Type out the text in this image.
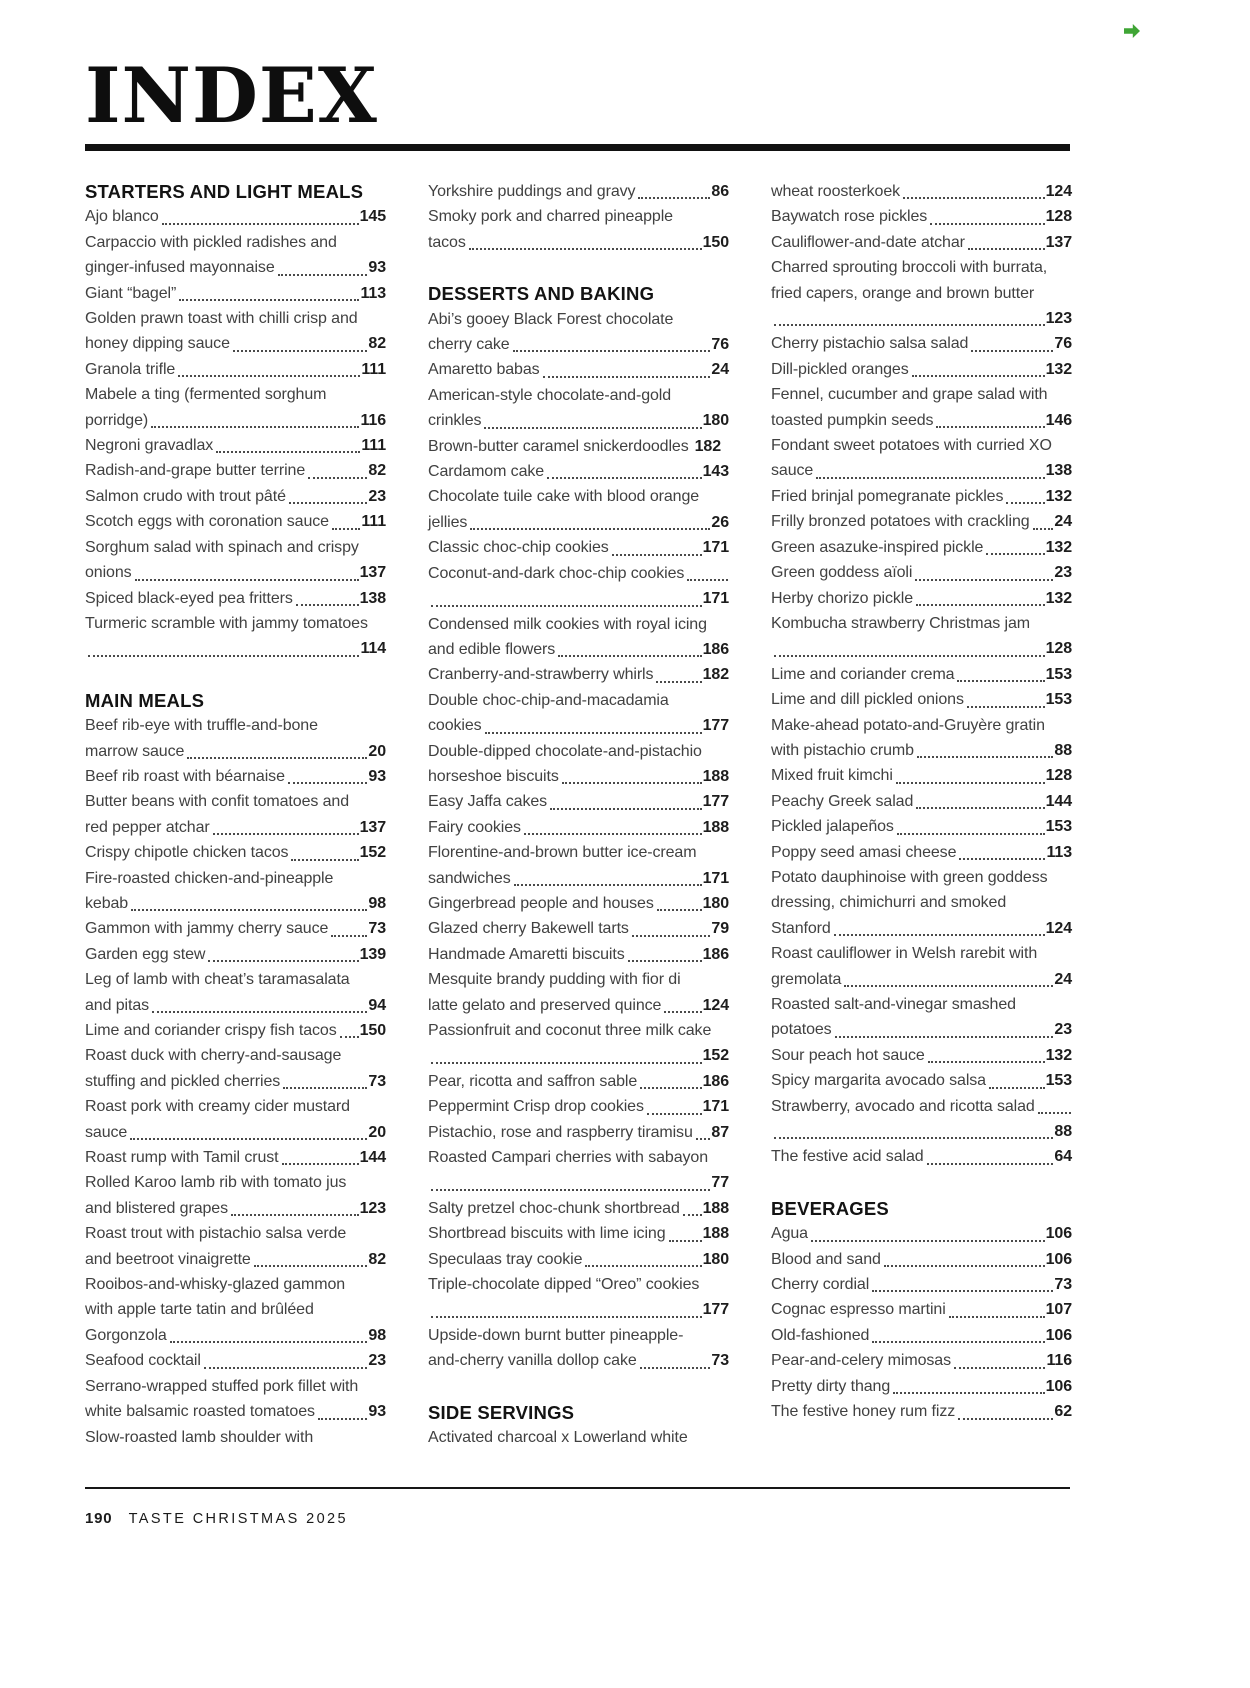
INDEX
STARTERS AND LIGHT MEALS
Ajo blanco	145
Carpaccio with pickled radishes and
ginger-infused mayonnaise	93
Giant “bagel”	113
Golden prawn toast with chilli crisp and
honey dipping sauce	82
Granola trifle	111
Mabele a ting (fermented sorghum
porridge)	116
Negroni gravadlax	111
Radish-and-grape butter terrine	82
Salmon crudo with trout pâté	23
Scotch eggs with coronation sauce 111
Sorghum salad with spinach and crispy
onions	137
Spiced black-eyed pea fritters	138
Turmeric scramble with jammy tomatoes
114
MAIN MEALS
Beef rib-eye with truffle-and-bone
marrow sauce	20
Beef rib roast with béarnaise	93
Butter beans with confit tomatoes and
red pepper atchar	137
Crispy chipotle chicken tacos	152
Fire-roasted chicken-and-pineapple
kebab	98
Gammon with jammy cherry sauce	73
Garden egg stew	139
Leg of lamb with cheat’s taramasalata
and pitas	94
Lime and coriander crispy fish tacos 150
Roast duck with cherry-and-sausage
stuffing and pickled cherries	73
Roast pork with creamy cider mustard
sauce	20
Roast rump with Tamil crust	144
Rolled Karoo lamb rib with tomato jus
and blistered grapes	123
Roast trout with pistachio salsa verde
and beetroot vinaigrette	82
Rooibos-and-whisky-glazed gammon
with apple tarte tatin and brûléed
Gorgonzola	98
Seafood cocktail	23
Serrano-wrapped stuffed pork fillet with
white balsamic roasted tomatoes	93
Slow-roasted lamb shoulder with
Yorkshire puddings and gravy	86
Smoky pork and charred pineapple
tacos	150
DESSERTS AND BAKING
Abi’s gooey Black Forest chocolate
cherry cake	76
Amaretto babas	24
American-style chocolate-and-gold
crinkles	180
Brown-butter caramel snickerdoodles 182
Cardamom cake	143
Chocolate tuile cake with blood orange
jellies	26
Classic choc-chip cookies	171
Coconut-and-dark choc-chip cookies
171
Condensed milk cookies with royal icing
and edible flowers	186
Cranberry-and-strawberry whirls	182
Double choc-chip-and-macadamia
cookies	177
Double-dipped chocolate-and-pistachio
horseshoe biscuits	188
Easy Jaffa cakes	177
Fairy cookies	188
Florentine-and-brown butter ice-cream
sandwiches	171
Gingerbread people and houses	180
Glazed cherry Bakewell tarts	79
Handmade Amaretti biscuits	186
Mesquite brandy pudding with fior di
latte gelato and preserved quince	124
Passionfruit and coconut three milk cake
152
Pear, ricotta and saffron sable	186
Peppermint Crisp drop cookies	171
Pistachio, rose and raspberry tiramisu 87
Roasted Campari cherries with sabayon
77
Salty pretzel choc-chunk shortbread 188
Shortbread biscuits with lime icing 188
Speculaas tray cookie	180
Triple-chocolate dipped “Oreo” cookies
177
Upside-down burnt butter pineapple-
and-cherry vanilla dollop cake	73
SIDE SERVINGS
Activated charcoal x Lowerland white
wheat roosterkoek	124
Baywatch rose pickles	128
Cauliflower-and-date atchar	137
Charred sprouting broccoli with burrata,
fried capers, orange and brown butter
123
Cherry pistachio salsa salad	76
Dill-pickled oranges	132
Fennel, cucumber and grape salad with
toasted pumpkin seeds	146
Fondant sweet potatoes with curried XO
sauce	138
Fried brinjal pomegranate pickles	132
Frilly bronzed potatoes with crackling 24
Green asazuke-inspired pickle	132
Green goddess aïoli	23
Herby chorizo pickle	132
Kombucha strawberry Christmas jam
128
Lime and coriander crema	153
Lime and dill pickled onions	153
Make-ahead potato-and-Gruyère gratin
with pistachio crumb	88
Mixed fruit kimchi	128
Peachy Greek salad	144
Pickled jalapeños	153
Poppy seed amasi cheese	113
Potato dauphinoise with green goddess
dressing, chimichurri and smoked
Stanford	124
Roast cauliflower in Welsh rarebit with
gremolata	24
Roasted salt-and-vinegar smashed
potatoes	23
Sour peach hot sauce	132
Spicy margarita avocado salsa	153
Strawberry, avocado and ricotta salad
88
The festive acid salad	64
BEVERAGES
Agua	106
Blood and sand	106
Cherry cordial	73
Cognac espresso martini	107
Old-fashioned	106
Pear-and-celery mimosas	116
Pretty dirty thang	106
The festive honey rum fizz	62
190 TASTE CHRISTMAS 2025
